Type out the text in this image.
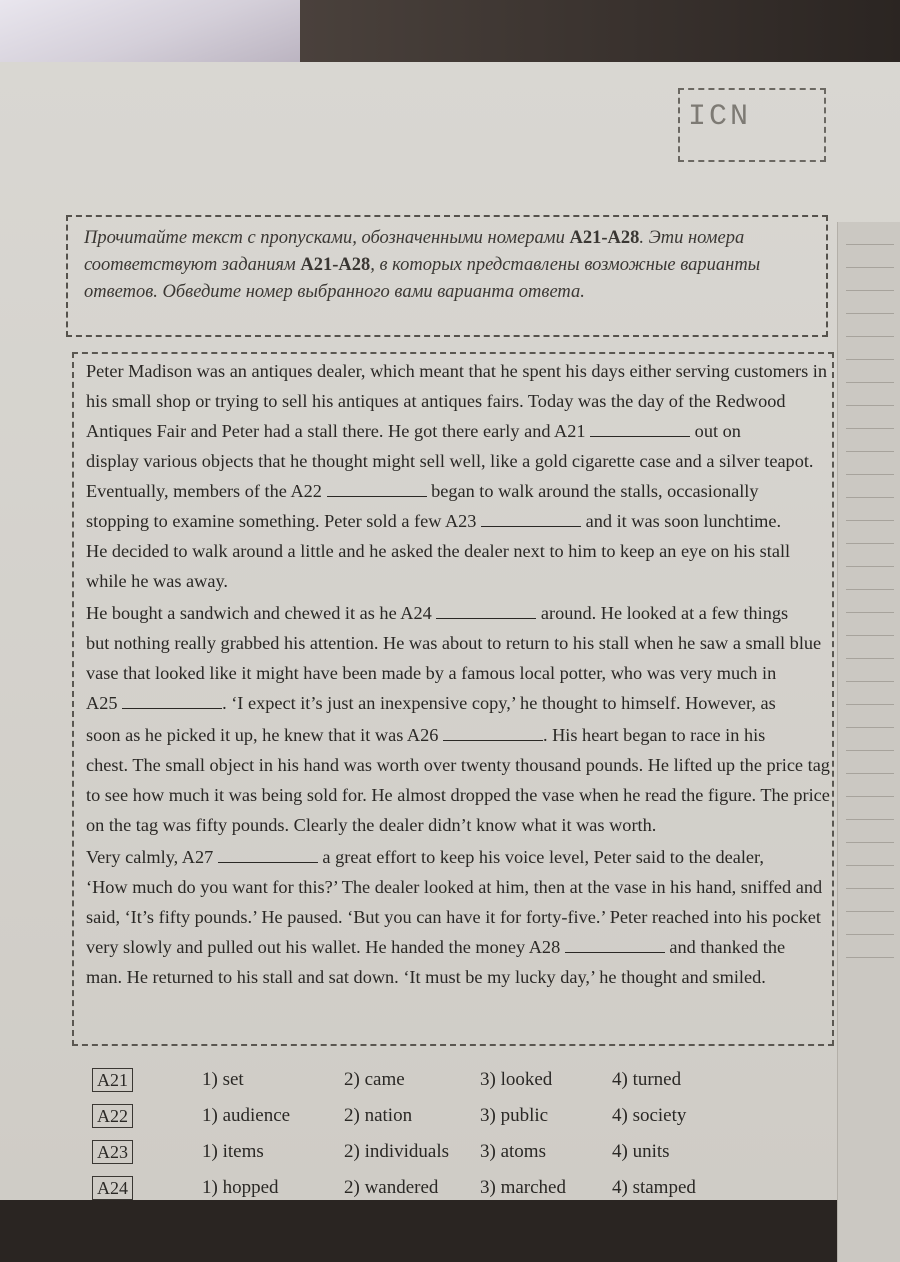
ICN
Прочитайте текст с пропусками, обозначенными номерами A21-A28. Эти номера
соответствуют заданиям A21-A28, в которых представлены возможные варианты
ответов. Обведите номер выбранного вами варианта ответа.
Peter Madison was an antiques dealer, which meant that he spent his days either serving customers in
his small shop or trying to sell his antiques at antiques fairs. Today was the day of the Redwood
Antiques Fair and Peter had a stall there. He got there early and A21	out on
display various objects that he thought might sell well, like a gold cigarette case and a silver teapot.
Eventually, members of the A22	began to walk around the stalls, occasionally
stopping to examine something. Peter sold a few A23	and it was soon lunchtime.
He decided to walk around a little and he asked the dealer next to him to keep an eye on his stall
while he was away.
He bought a sandwich and chewed it as he A24	around. He looked at a few things
but nothing really grabbed his attention. He was about to return to his stall when he saw a small blue
vase that looked like it might have been made by a famous local potter, who was very much in
A25	. ‘I expect it’s just an inexpensive copy,’ he thought to himself. However, as
soon as he picked it up, he knew that it was A26	. His heart began to race in his
chest. The small object in his hand was worth over twenty thousand pounds. He lifted up the price tag
to see how much it was being sold for. He almost dropped the vase when he read the figure. The price
on the tag was fifty pounds. Clearly the dealer didn’t know what it was worth.
Very calmly, A27	a great effort to keep his voice level, Peter said to the dealer,
‘How much do you want for this?’ The dealer looked at him, then at the vase in his hand, sniffed and
said, ‘It’s fifty pounds.’ He paused. ‘But you can have it for forty-five.’ Peter reached into his pocket
very slowly and pulled out his wallet. He handed the money A28	and thanked the
man. He returned to his stall and sat down. ‘It must be my lucky day,’ he thought and smiled.
A21	1) set	2) came	3) looked	4) turned
A22	1) audience	2) nation	3) public	4) society
A23	1) items	2) individuals 3) atoms	4) units
A24	1) hopped	2) wandered 3) marched 4) stamped
